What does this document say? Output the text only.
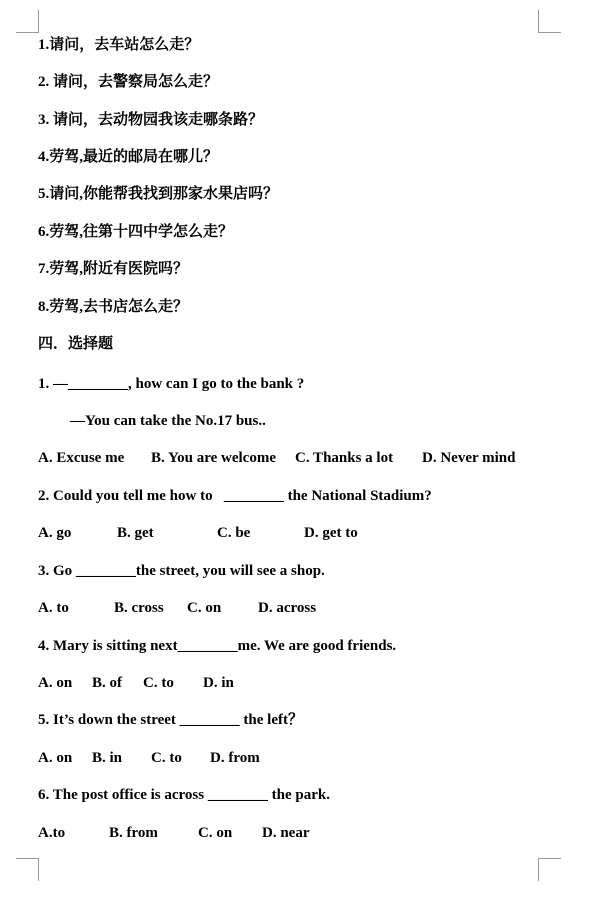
1.请问，去车站怎么走？
2. 请问，去警察局怎么走？
3. 请问，去动物园我该走哪条路？
4.劳驾,最近的邮局在哪儿？
5.请问,你能帮我找到那家水果店吗？
6.劳驾,往第十四中学怎么走？
7.劳驾,附近有医院吗？
8.劳驾,去书店怎么走？
四．选择题
1. —________, how can I go to the bank ?
—You can take the No.17 bus..

A. Excuse me

B. You are welcome

C. Thanks a lot

D. Never mind

2. Could you tell me how to   ________ the National Stadium?

A. go

	B. get

	C. be

	D. get to

3. Go ________the street, you will see a shop.

A. to

	B. cross

C. on

D. across

4. Mary is sitting next________me. We are good friends.

A. on

B. of

C. to

D. in

5. It’s down the street ________ the left？

A. on

B. in

C. to

D. from

6. The post office is across ________ the park.

A.to

	B. from

	C. on

D. near
